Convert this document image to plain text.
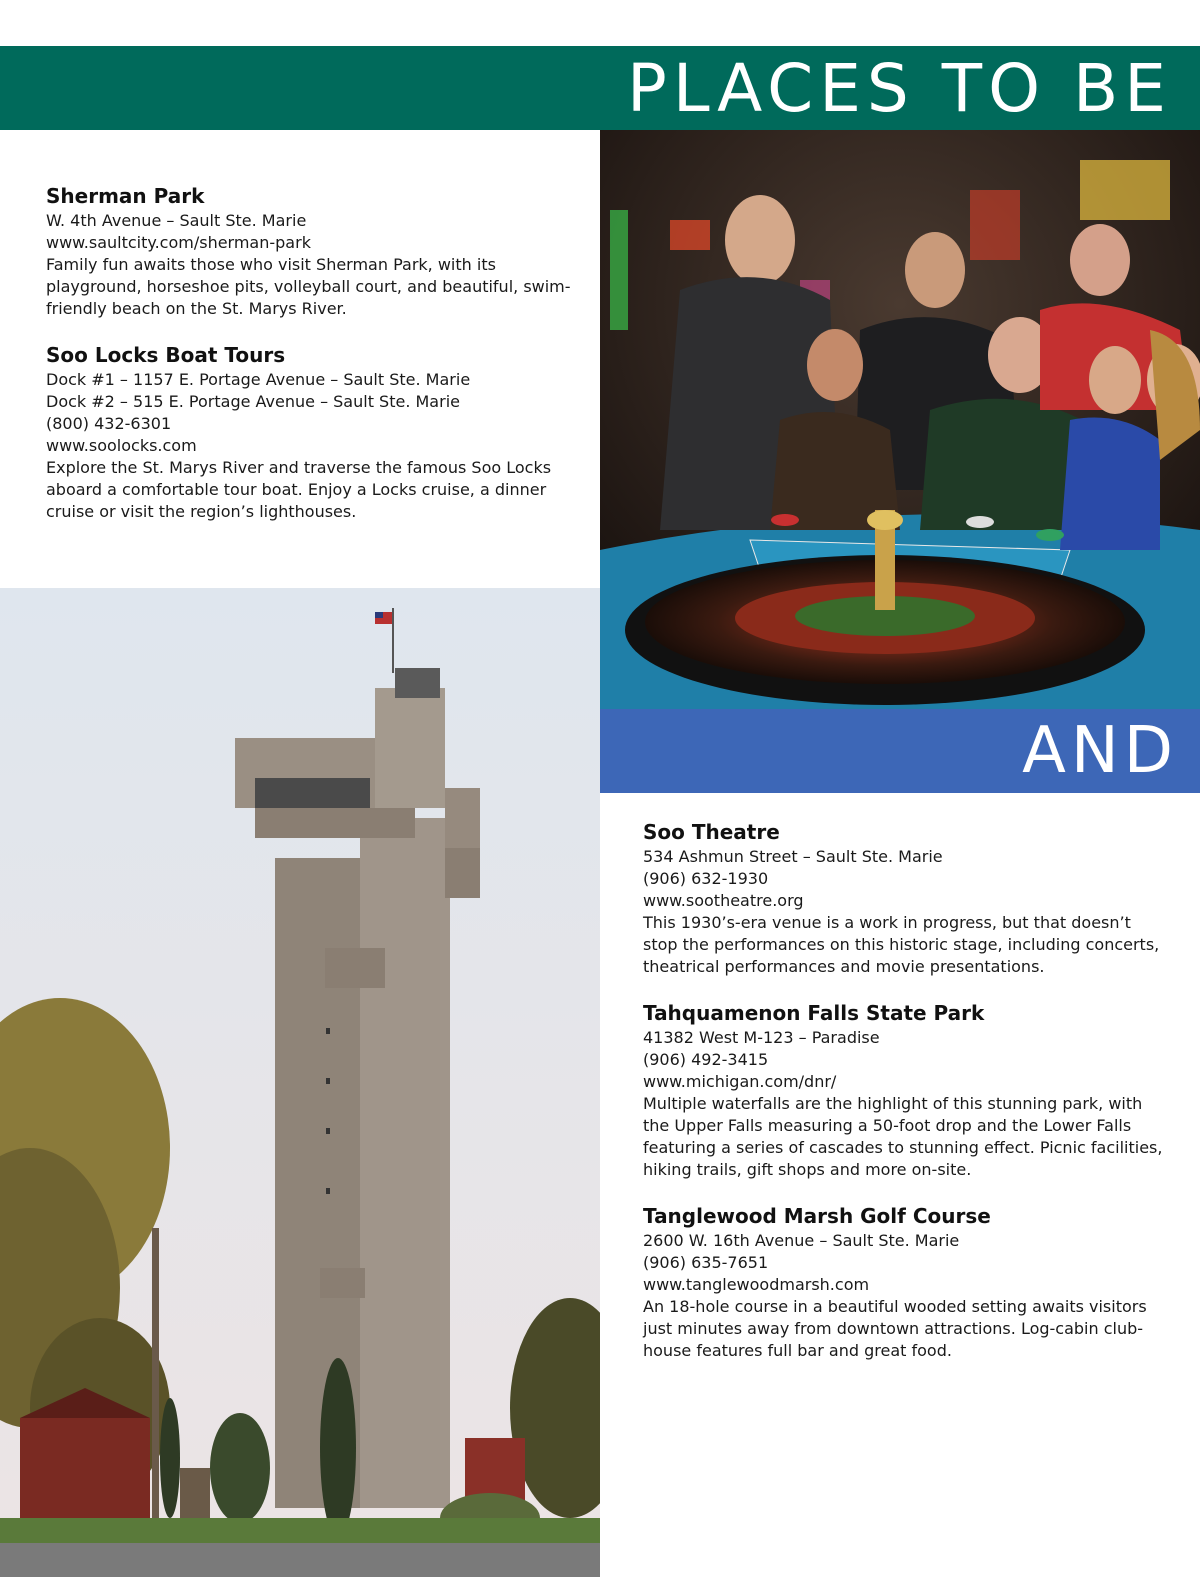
PLACES TO BE
Sherman Park
W. 4th Avenue – Sault Ste. Marie
www.saultcity.com/sherman-park
Family fun awaits those who visit Sherman Park, with its playground, horseshoe pits, volleyball court, and beautiful, swim-friendly beach on the St. Marys River.
Soo Locks Boat Tours
Dock #1 – 1157 E. Portage Avenue – Sault Ste. Marie
Dock #2 – 515 E. Portage Avenue – Sault Ste. Marie
(800) 432-6301
www.soolocks.com
Explore the St. Marys River and traverse the famous Soo Locks aboard a comfortable tour boat. Enjoy a Locks cruise, a dinner cruise or visit the region’s lighthouses.
AND
Soo Theatre
534 Ashmun Street – Sault Ste. Marie
(906) 632-1930
www.sootheatre.org
This 1930’s-era venue is a work in progress, but that doesn’t stop the performances on this historic stage, including concerts, theatrical performances and movie presentations.
Tahquamenon Falls State Park
41382 West M-123 – Paradise
(906) 492-3415
www.michigan.com/dnr/
Multiple waterfalls are the highlight of this stunning park, with the Upper Falls measuring a 50-foot drop and the Lower Falls featuring a series of cascades to stunning effect. Picnic facilities, hiking trails, gift shops and more on-site.
Tanglewood Marsh Golf Course
2600 W. 16th Avenue – Sault Ste. Marie
(906) 635-7651
www.tanglewoodmarsh.com
An 18-hole course in a beautiful wooded setting awaits visitors just minutes away from downtown attractions. Log-cabin club-house features full bar and great food.
